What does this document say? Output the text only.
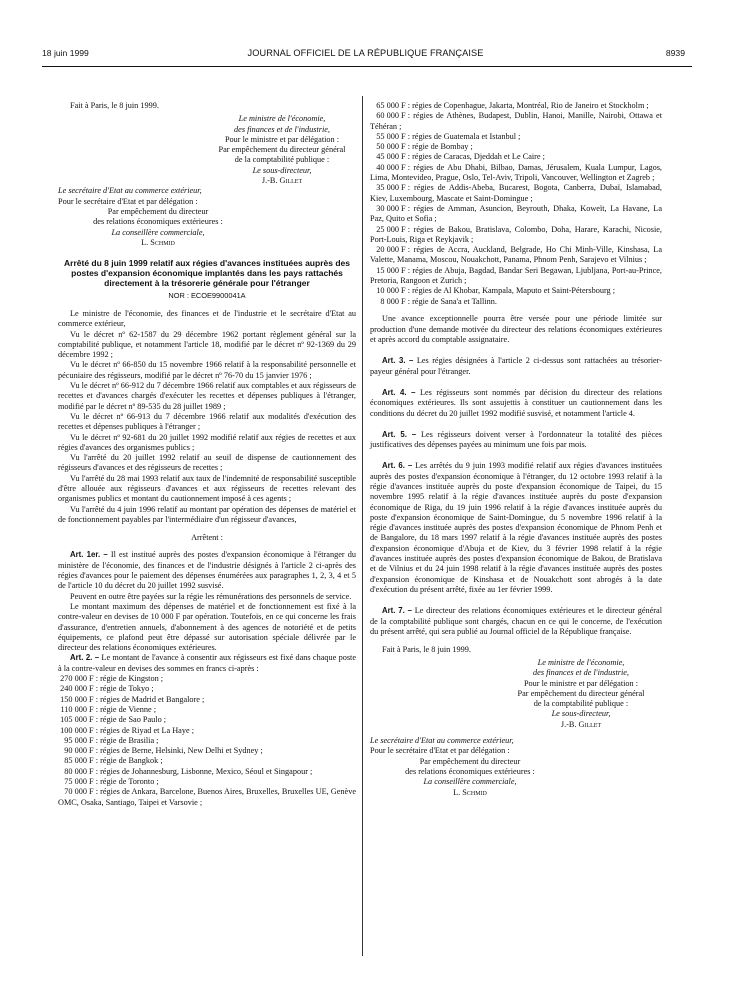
18 juin 1999	JOURNAL OFFICIEL DE LA RÉPUBLIQUE FRANÇAISE	8939

Fait à Paris, le 8 juin 1999.

Le ministre de l'économie,

des finances et de l'industrie,

Pour le ministre et par délégation :

Par empêchement du directeur général

de la comptabilité publique :

Le sous-directeur,

J.-B. Gillet

Le secrétaire d'Etat au commerce extérieur,

Pour le secrétaire d'Etat et par délégation :

Par empêchement du directeur

des relations économiques extérieures :

La conseillère commerciale,

L. Schmid

Arrêté du 8 juin 1999 relatif aux régies d'avances instituées auprès des postes d'expansion économique implantés dans les pays rattachés directement à la trésorerie générale pour l'étranger

NOR : ECOE9900041A

Le ministre de l'économie, des finances et de l'industrie et le secrétaire d'Etat au commerce extérieur,

Vu le décret nº 62-1587 du 29 décembre 1962 portant règlement général sur la comptabilité publique, et notamment l'article 18, modifié par le décret nº 92-1369 du 29 décembre 1992 ;

Vu le décret nº 66-850 du 15 novembre 1966 relatif à la responsabilité personnelle et pécuniaire des régisseurs, modifié par le décret nº 76-70 du 15 janvier 1976 ;

Vu le décret nº 66-912 du 7 décembre 1966 relatif aux comptables et aux régisseurs de recettes et d'avances chargés d'exécuter les recettes et dépenses publiques à l'étranger, modifié par le décret nº 89-535 du 28 juillet 1989 ;

Vu le décret nº 66-913 du 7 décembre 1966 relatif aux modalités d'exécution des recettes et dépenses publiques à l'étranger ;

Vu le décret nº 92-681 du 20 juillet 1992 modifié relatif aux régies de recettes et aux régies d'avances des organismes publics ;

Vu l'arrêté du 20 juillet 1992 relatif au seuil de dispense de cautionnement des régisseurs d'avances et des régisseurs de recettes ;

Vu l'arrêté du 28 mai 1993 relatif aux taux de l'indemnité de responsabilité susceptible d'être allouée aux régisseurs d'avances et aux régisseurs de recettes relevant des organismes publics et montant du cautionnement imposé à ces agents ;

Vu l'arrêté du 4 juin 1996 relatif au montant par opération des dépenses de matériel et de fonctionnement payables par l'intermédiaire d'un régisseur d'avances,

Arrêtent :

Art. 1er. – Il est institué auprès des postes d'expansion économique à l'étranger du ministère de l'économie, des finances et de l'industrie désignés à l'article 2 ci-après des régies d'avances pour le paiement des dépenses énumérées aux paragraphes 1, 2, 3, 4 et 5 de l'article 10 du décret du 20 juillet 1992 susvisé.

Peuvent en outre être payées sur la régie les rémunérations des personnels de service.

Le montant maximum des dépenses de matériel et de fonctionnement est fixé à la contre-valeur en devises de 10 000 F par opération. Toutefois, en ce qui concerne les frais d'assurance, d'entretien annuels, d'abonnement à des agences de notoriété et de petits équipements, ce plafond peut être dépassé sur autorisation spéciale délivrée par le directeur des relations économiques extérieures.

Art. 2. – Le montant de l'avance à consentir aux régisseurs est fixé dans chaque poste à la contre-valeur en devises des sommes en francs ci-après :

270 000 F : régie de Kingston ;

240 000 F : régie de Tokyo ;

150 000 F : régies de Madrid et Bangalore ;

110 000 F : régie de Vienne ;

105 000 F : régie de Sao Paulo ;

100 000 F : régies de Riyad et La Haye ;

95 000 F : régie de Brasilia ;

90 000 F : régies de Berne, Helsinki, New Delhi et Sydney ;

85 000 F : régie de Bangkok ;

80 000 F : régies de Johannesburg, Lisbonne, Mexico, Séoul et Singapour ;

75 000 F : régie de Toronto ;

70 000 F : régies de Ankara, Barcelone, Buenos Aires, Bruxelles, Bruxelles UE, Genève OMC, Osaka, Santiago, Taipei et Varsovie ;

65 000 F : régies de Copenhague, Jakarta, Montréal, Rio de Janeiro et Stockholm ;

60 000 F : régies de Athènes, Budapest, Dublin, Hanoi, Manille, Nairobi, Ottawa et Téhéran ;

55 000 F : régies de Guatemala et Istanbul ;

50 000 F : régie de Bombay ;

45 000 F : régies de Caracas, Djeddah et Le Caire ;

40 000 F : régies de Abu Dhabi, Bilbao, Damas, Jérusalem, Kuala Lumpur, Lagos, Lima, Montevideo, Prague, Oslo, Tel-Aviv, Tripoli, Vancouver, Wellington et Zagreb ;

35 000 F : régies de Addis-Abeba, Bucarest, Bogota, Canberra, Dubaï, Islamabad, Kiev, Luxembourg, Mascate et Saint-Domingue ;

30 000 F : régies de Amman, Asuncion, Beyrouth, Dhaka, Koweït, La Havane, La Paz, Quito et Sofia ;

25 000 F : régies de Bakou, Bratislava, Colombo, Doha, Harare, Karachi, Nicosie, Port-Louis, Riga et Reykjavik ;

20 000 F : régies de Accra, Auckland, Belgrade, Ho Chi Minh-Ville, Kinshasa, La Valette, Manama, Moscou, Nouakchott, Panama, Phnom Penh, Sarajevo et Vilnius ;

15 000 F : régies de Abuja, Bagdad, Bandar Seri Begawan, Ljubljana, Port-au-Prince, Pretoria, Rangoon et Zurich ;

10 000 F : régies de Al Khobar, Kampala, Maputo et Saint-Pétersbourg ;

8 000 F : régie de Sana'a et Tallinn.

Une avance exceptionnelle pourra être versée pour une période limitée sur production d'une demande motivée du directeur des relations économiques extérieures et après accord du comptable assignataire.

Art. 3. – Les régies désignées à l'article 2 ci-dessus sont rattachées au trésorier-payeur général pour l'étranger.

Art. 4. – Les régisseurs sont nommés par décision du directeur des relations économiques extérieures. Ils sont assujettis à constituer un cautionnement dans les conditions du décret du 20 juillet 1992 modifié susvisé, et notamment l'article 4.

Art. 5. – Les régisseurs doivent verser à l'ordonnateur la totalité des pièces justificatives des dépenses payées au minimum une fois par mois.

Art. 6. – Les arrêtés du 9 juin 1993 modifié relatif aux régies d'avances instituées auprès des postes d'expansion économique à l'étranger, du 12 octobre 1993 relatif à la régie d'avances instituée auprès du poste d'expansion économique de Taipei, du 15 novembre 1995 relatif à la régie d'avances instituée auprès du poste d'expansion économique de Riga, du 19 juin 1996 relatif à la régie d'avances instituée auprès du poste d'expansion économique de Saint-Domingue, du 5 novembre 1996 relatif à la régie d'avances instituée auprès des postes d'expansion économique de Phnom Penh et de Bangalore, du 18 mars 1997 relatif à la régie d'avances instituée auprès des postes d'expansion économique d'Abuja et de Kiev, du 3 février 1998 relatif à la régie d'avances instituée auprès des postes d'expansion économique de Bakou, de Bratislava et de Vilnius et du 24 juin 1998 relatif à la régie d'avances instituée auprès des postes d'expansion économique de Kinshasa et de Nouakchott sont abrogés à la date d'exécution du présent arrêté, fixée au 1er février 1999.

Art. 7. – Le directeur des relations économiques extérieures et le directeur général de la comptabilité publique sont chargés, chacun en ce qui le concerne, de l'exécution du présent arrêté, qui sera publié au Journal officiel de la République française.

Fait à Paris, le 8 juin 1999.

Le ministre de l'économie,

des finances et de l'industrie,

Pour le ministre et par délégation :

Par empêchement du directeur général

de la comptabilité publique :

Le sous-directeur,

J.-B. Gillet

Le secrétaire d'Etat au commerce extérieur,

Pour le secrétaire d'Etat et par délégation :

Par empêchement du directeur

des relations économiques extérieures :

La conseillère commerciale,

L. Schmid
